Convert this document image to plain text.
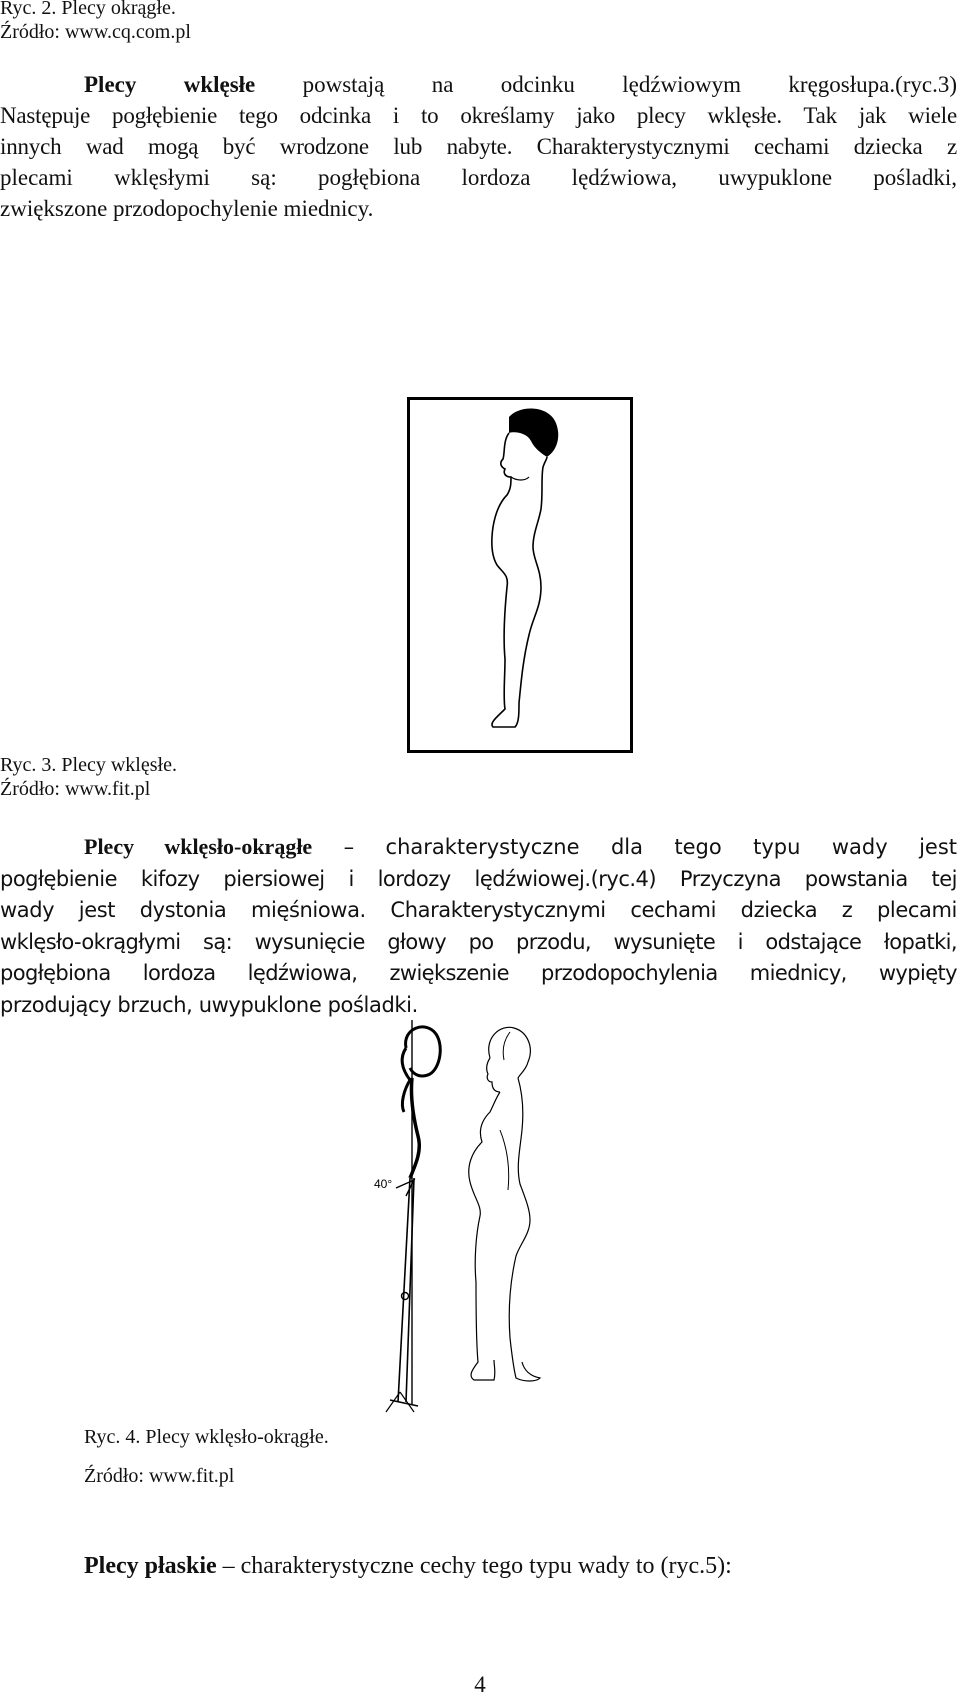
Ryc. 2. Plecy okrągłe.
Źródło: www.cq.com.pl
Plecy wklęsłe powstają na odcinku lędźwiowym kręgosłupa.(ryc.3)
Następuje pogłębienie tego odcinka i to określamy jako plecy wklęsłe. Tak jak wiele
innych wad mogą być wrodzone lub nabyte. Charakterystycznymi cechami dziecka z
plecami wklęsłymi są: pogłębiona lordoza lędźwiowa, uwypuklone pośladki,
zwiększone przodopochylenie miednicy.
Ryc. 3. Plecy wklęsłe.
Źródło: www.fit.pl
Plecy wklęsło-okrągłe – charakterystyczne dla tego typu wady jest
pogłębienie kifozy piersiowej i lordozy lędźwiowej.(ryc.4) Przyczyna powstania tej
wady jest dystonia mięśniowa. Charakterystycznymi cechami dziecka z plecami
wklęsło-okrągłymi są: wysunięcie głowy po przodu, wysunięte i odstające łopatki,
pogłębiona lordoza lędźwiowa, zwiększenie przodopochylenia miednicy, wypięty
przodujący brzuch, uwypuklone pośladki.
40°
Ryc. 4. Plecy wklęsło-okrągłe.
Źródło: www.fit.pl
Plecy płaskie – charakterystyczne cechy tego typu wady to (ryc.5):
4
